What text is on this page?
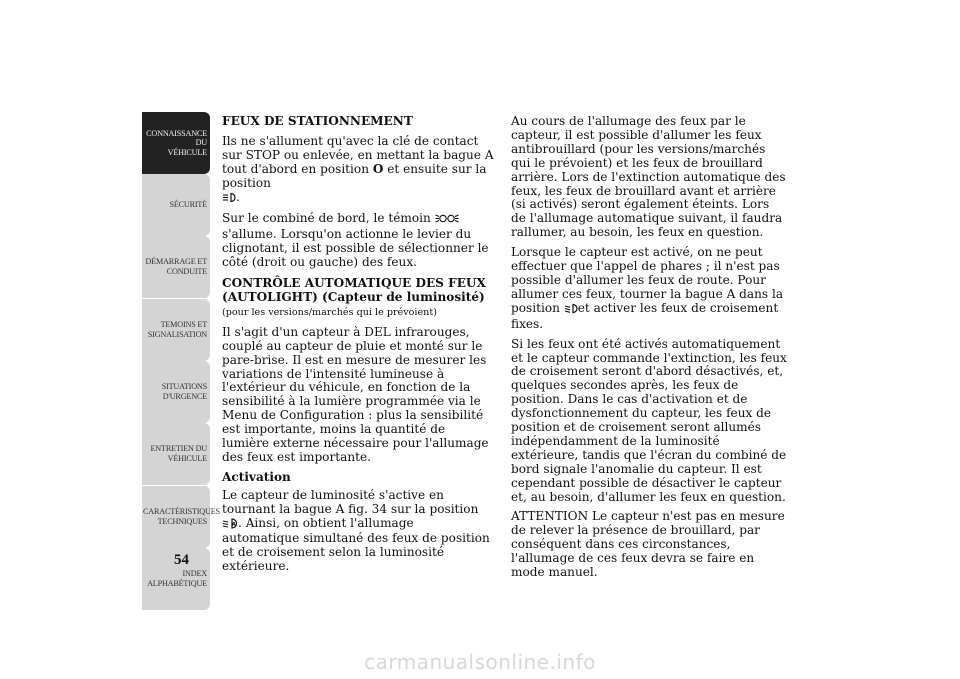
CONNAISSANCE DU
VÉHICULE
SÉCURITÉ
DÉMARRAGE ET
CONDUITE
TEMOINS ET
SIGNALISATION
SITUATIONS
D'URGENCE
ENTRETIEN DU
VÉHICULE
CARACTÉRISTIQUES
TECHNIQUES
INDEX
ALPHABÉTIQUE
54
FEUX DE STATIONNEMENT

Ils ne s'allument qu'avec la clé de contact sur STOP ou enlevée, en mettant la bague A tout d'abord en position O et ensuite sur la position
.

Sur le combiné de bord, le témoin s'allume. Lorsqu'on actionne le levier du clignotant, il est possible de sélectionner le côté (droit ou gauche) des feux.

CONTRÔLE AUTOMATIQUE DES FEUX (AUTOLIGHT) (Capteur de luminosité)(pour les versions/marchés qui le prévoient)

Il s'agit d'un capteur à DEL infrarouges, couplé au capteur de pluie et monté sur le pare-brise. Il est en mesure de mesurer les variations de l'intensité lumineuse à l'extérieur du véhicule, en fonction de la sensibilité à la lumière programmée via le Menu de Configuration : plus la sensibilité est importante, moins la quantité de lumière externe nécessaire pour l'allumage des feux est importante.

Activation

Le capteur de luminosité s'active en tournant la bague A fig. 34 sur la position
A . Ainsi, on obtient l'allumage automatique simultané des feux de position et de croisement selon la luminosité extérieure.

Au cours de l'allumage des feux par le capteur, il est possible d'allumer les feux antibrouillard (pour les versions/marchés qui le prévoient) et les feux de brouillard arrière. Lors de l'extinction automatique des feux, les feux de brouillard avant et arrière (si activés) seront également éteints. Lors de l'allumage automatique suivant, il faudra rallumer, au besoin, les feux en question.

Lorsque le capteur est activé, on ne peut effectuer que l'appel de phares ; il n'est pas possible d'allumer les feux de route. Pour allumer ces feux, tourner la bague A dans la position et activer les feux de croisement fixes.

Si les feux ont été activés automatiquement et le capteur commande l'extinction, les feux de croisement seront d'abord désactivés, et, quelques secondes après, les feux de position. Dans le cas d'activation et de dysfonctionnement du capteur, les feux de position et de croisement seront allumés indépendamment de la luminosité extérieure, tandis que l'écran du combiné de bord signale l'anomalie du capteur. Il est cependant possible de désactiver le capteur et, au besoin, d'allumer les feux en question.

ATTENTION Le capteur n'est pas en mesure de relever la présence de brouillard, par conséquent dans ces circonstances, l'allumage de ces feux devra se faire en mode manuel.

carmanualsonline.info
